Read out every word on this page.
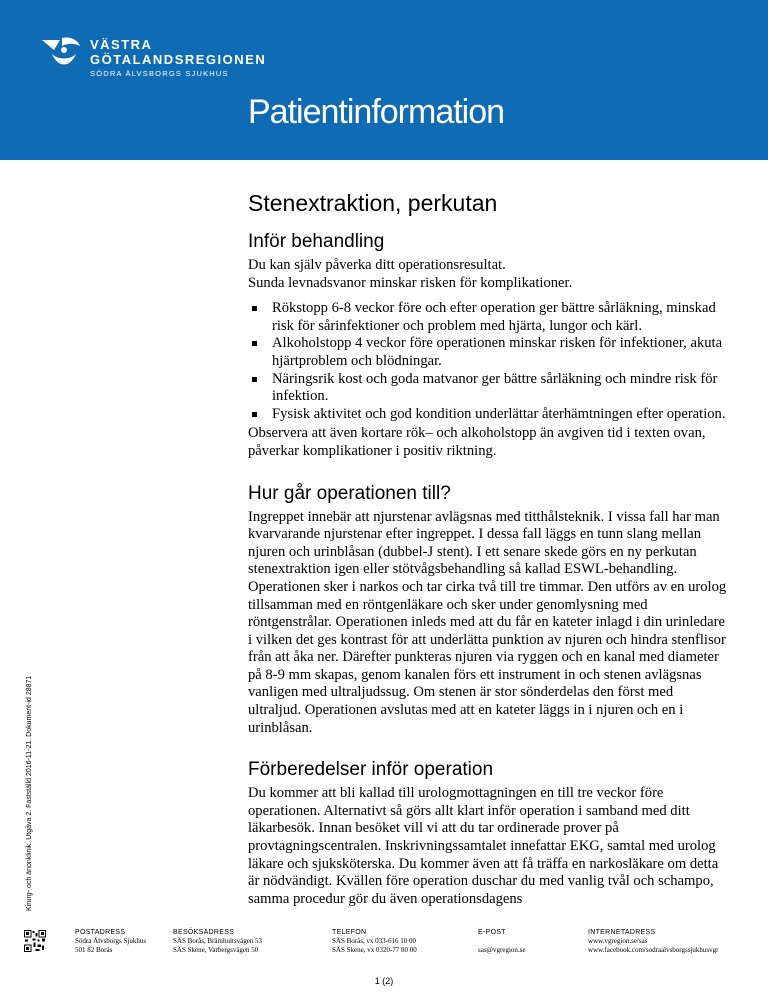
VÄSTRA
GÖTALANDSREGIONEN
SÖDRA ÄLVSBORGS SJUKHUS
Patientinformation
Kirurg- och änonklinik. Utgåva 2. Fastställd 2016-11-21. Dokument-id 28871
Stenextraktion, perkutan
Inför behandling

Du kan själv påverka ditt operationsresultat.

Sunda levnadsvanor minskar risken för komplikationer.

Rökstopp 6-8 veckor före och efter operation ger bättre sårläkning, minskad risk för sårinfektioner och problem med hjärta, lungor och kärl.
Alkoholstopp 4 veckor före operationen minskar risken för infektioner, akuta hjärtproblem och blödningar.
Näringsrik kost och goda matvanor ger bättre sårläkning och mindre risk för infektion.
Fysisk aktivitet och god kondition underlättar återhämtningen efter operation.

Observera att även kortare rök– och alkoholstopp än avgiven tid i texten ovan, påverkar komplikationer i positiv riktning.

Hur går operationen till?

Ingreppet innebär att njurstenar avlägsnas med titthålsteknik. I vissa fall har man kvarvarande njurstenar efter ingreppet. I dessa fall läggs en tunn slang mellan njuren och urinblåsan (dubbel-J stent). I ett senare skede görs en ny perkutan stenextraktion igen eller stötvågsbehandling så kallad ESWL-behandling. Operationen sker i narkos och tar cirka två till tre timmar. Den utförs av en urolog tillsamman med en röntgenläkare och sker under genomlysning med röntgenstrålar. Operationen inleds med att du får en kateter inlagd i din urinledare i vilken det ges kontrast för att underlätta punktion av njuren och hindra stenflisor från att åka ner. Därefter punkteras njuren via ryggen och en kanal med diameter på 8-9 mm skapas, genom kanalen förs ett instrument in och stenen avlägsnas vanligen med ultraljudssug. Om stenen är stor sönderdelas den först med ultraljud. Operationen avslutas med att en kateter läggs in i njuren och en i urinblåsan.

Förberedelser inför operation

Du kommer att bli kallad till urologmottagningen en till tre veckor före operationen. Alternativt så görs allt klart inför operation i samband med ditt läkarbesök. Innan besöket vill vi att du tar ordinerade prover på provtagningscentralen. Inskrivningssamtalet innefattar EKG, samtal med urolog läkare och sjuksköterska. Du kommer även att få träffa en narkosläkare om detta är nödvändigt. Kvällen före operation duschar du med vanlig tvål och schampo, samma procedur gör du även operationsdagens

POSTADRESS
Södra Älvsborgs Sjukhus
501 82 Borås
BESÖKSADRESS
SÄS Borås, Brämhultsvägen 53
SÄS Skene, Varbergsvägen 50
TELEFON
SÄS Borås, vx 033-616 10 00
SÄS Skene, vx 0320-77 80 00
E-POST

sas@vgregion.se
INTERNETADRESS
www.vgregion.se/sas
www.facebook.com/sodraalvsborgssjukhusvgr
1 (2)
